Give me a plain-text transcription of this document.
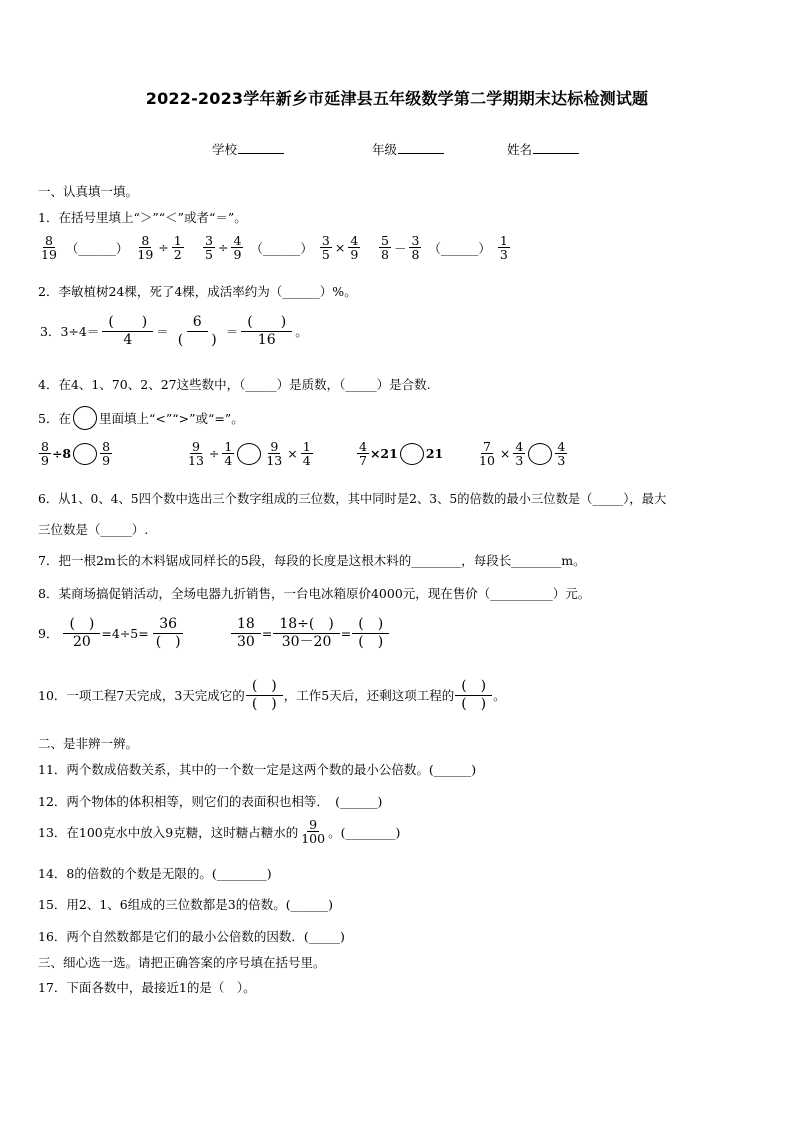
2022-2023学年新乡市延津县五年级数学第二学期期末达标检测试题
学校	年级	姓名
一、认真填一填。
1．在括号里填上“＞”“＜”或者“＝”。
$\frac{8}{19}$ （______） $\frac{8}{19} \div \frac{1}{2} \frac{3}{5} \div \frac{4}{9}$ （______） $\frac{3}{5} \times \frac{4}{9} \frac{5}{8} - \frac{3}{8}$ （______） $\frac{1}{3}$
2．李敏植树24棵，死了4棵，成活率约为（______）%。
3．$3\div 4= \frac{( )}{4} = \frac{6}{( )} = \frac{( )}{16}$ 。
4．在4、1、70、2、27这些数中，（_____）是质数，（_____）是合数.
5．在 里面填上“<”“>”或“=”。
$\frac{8}{9} \div 8 \frac{8}{9}$	$\frac{9}{13} \div \frac{1}{4} \frac{9}{13} \times \frac{1}{4}$	$\frac{4}{7} \times 21$ 21	$\frac{7}{10} \times \frac{4}{3} \frac{4}{3}$
6．从1、0、4、5四个数中选出三个数字组成的三位数，其中同时是2、3、5的倍数的最小三位数是（_____），最大
三位数是（_____）.
7．把一根2m长的木料锯成同样长的5段，每段的长度是这根木料的________，每段长________m。
8．某商场搞促销活动，全场电器九折销售，一台电冰箱原价4000元，现在售价（__________）元。
9． $\frac{( )}{20} =4\div 5= \frac{36}{( )}$	$\frac{18}{30} = \frac{18\div( )}{30-20} = \frac{( )}{( )}$
10．一项工程7天完成，3天完成它的 $\frac{( )}{( )}$ ，工作5天后，还剩这项工程的 $\frac{( )}{( )}$ 。
二、是非辨一辨。
11．两个数成倍数关系，其中的一个数一定是这两个数的最小公倍数。(______)
12．两个物体的体积相等，则它们的表面积也相等．　(______)
13．在100克水中放入9克糖，这时糖占糖水的 $\frac{9}{100}$ 。(________)
14．8的倍数的个数是无限的。(________)
15．用2、1、6组成的三位数都是3的倍数。(______)
16．两个自然数都是它们的最小公倍数的因数．(_____)
三、细心选一选。请把正确答案的序号填在括号里。
17．下面各数中，最接近1的是（　）。
